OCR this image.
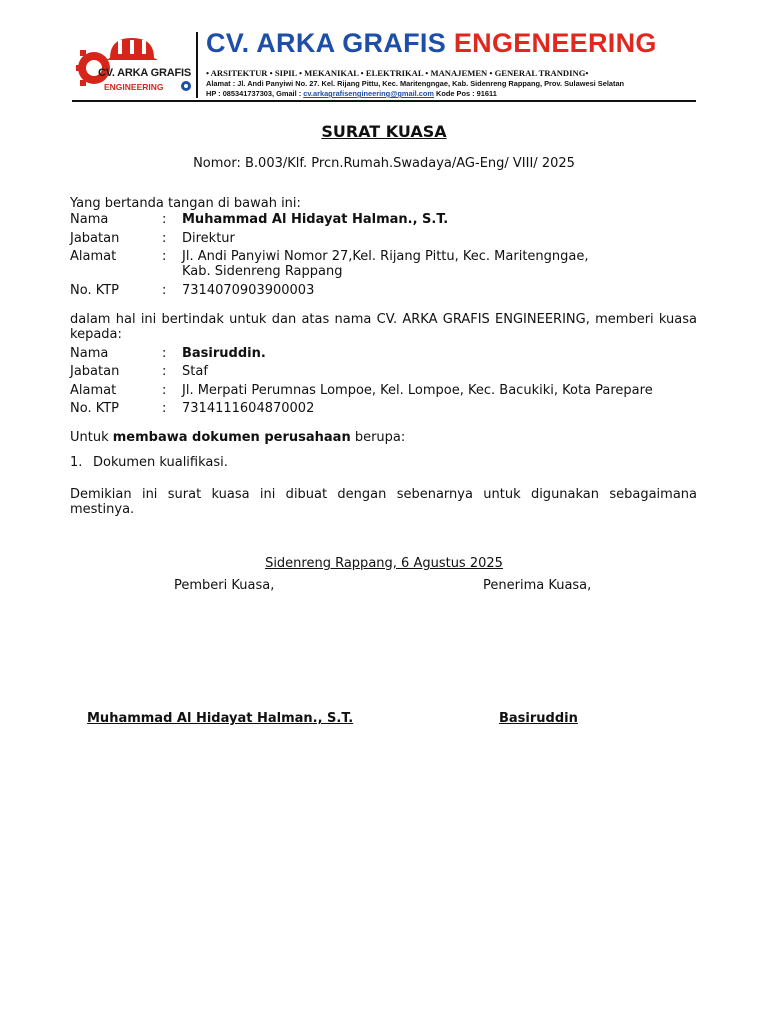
CV. ARKA GRAFIS
ENGINEERING
CV. ARKA GRAFIS ENGENEERING
• ARSITEKTUR • SIPIL • MEKANIKAL • ELEKTRIKAL • MANAJEMEN • GENERAL TRANDING•
Alamat : Jl. Andi Panyiwi No. 27. Kel. Rijang Pittu, Kec. Maritengngae, Kab. Sidenreng Rappang, Prov. Sulawesi Selatan
HP : 085341737303, Gmail : cv.arkagrafisengineering@gmail.com Kode Pos : 91611
SURAT KUASA
Nomor: B.003/Klf. Prcn.Rumah.Swadaya/AG-Eng/ VIII/ 2025
Yang bertanda tangan di bawah ini:
Nama	: Muhammad Al Hidayat Halman., S.T.
Jabatan	: Direktur
Alamat	: Jl. Andi Panyiwi Nomor 27,Kel. Rijang Pittu, Kec. Maritengngae,
Kab. Sidenreng Rappang
No. KTP	: 7314070903900003
dalam hal ini bertindak untuk dan atas nama CV. ARKA GRAFIS ENGINEERING, memberi kuasa kepada:
Nama	: Basiruddin.
Jabatan	: Staf
Alamat	: Jl. Merpati Perumnas Lompoe, Kel. Lompoe, Kec. Bacukiki, Kota Parepare
No. KTP	: 7314111604870002
Untuk membawa dokumen perusahaan berupa:
1. Dokumen kualifikasi.
Demikian ini surat kuasa ini dibuat dengan sebenarnya untuk digunakan sebagaimana mestinya.
Sidenreng Rappang, 6 Agustus 2025
Pemberi Kuasa,	Penerima Kuasa,
Muhammad Al Hidayat Halman., S.T.	Basiruddin
